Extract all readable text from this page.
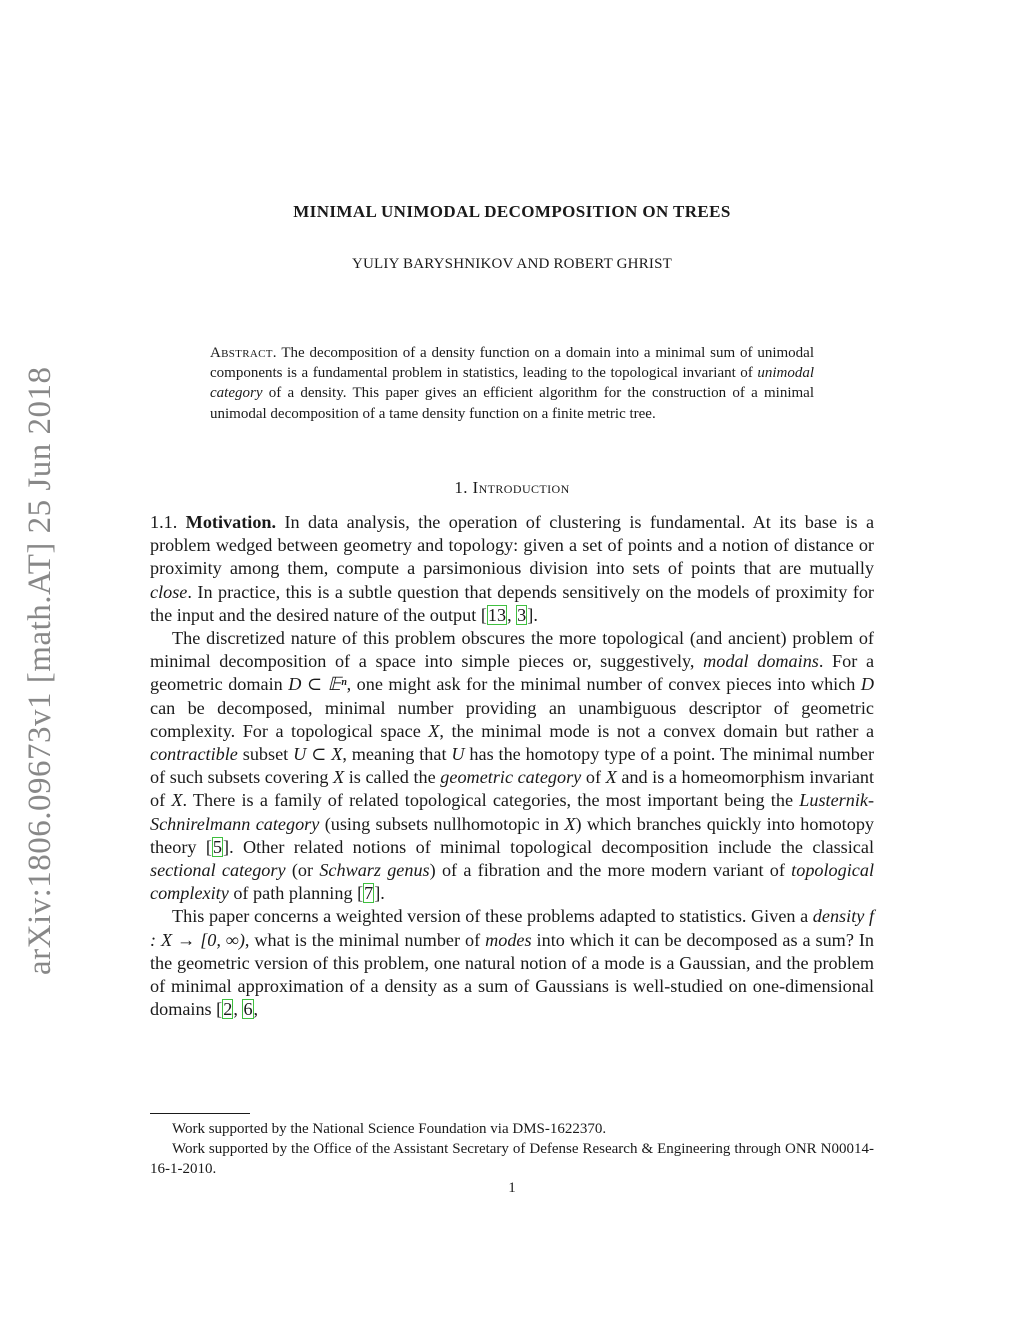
arXiv:1806.09673v1 [math.AT] 25 Jun 2018
MINIMAL UNIMODAL DECOMPOSITION ON TREES
YULIY BARYSHNIKOV AND ROBERT GHRIST
Abstract. The decomposition of a density function on a domain into a minimal sum of unimodal components is a fundamental problem in statistics, leading to the topological invariant of unimodal category of a density. This paper gives an efficient algorithm for the construction of a minimal unimodal decomposition of a tame density function on a finite metric tree.
1. Introduction

1.1. Motivation. In data analysis, the operation of clustering is fundamental. At its base is a problem wedged between geometry and topology: given a set of points and a notion of distance or proximity among them, compute a parsimonious division into sets of points that are mutually close. In practice, this is a subtle question that depends sensitively on the models of proximity for the input and the desired nature of the output [13, 3].

The discretized nature of this problem obscures the more topological (and ancient) problem of minimal decomposition of a space into simple pieces or, suggestively, modal domains. For a geometric domain D ⊂ 𝔼ⁿ, one might ask for the minimal number of convex pieces into which D can be decomposed, minimal number providing an unambiguous descriptor of geometric complexity. For a topological space X, the minimal mode is not a convex domain but rather a contractible subset U ⊂ X, meaning that U has the homotopy type of a point. The minimal number of such subsets covering X is called the geometric category of X and is a homeomorphism invariant of X. There is a family of related topological categories, the most important being the Lusternik-Schnirelmann category (using subsets nullhomotopic in X) which branches quickly into homotopy theory [5]. Other related notions of minimal topological decomposition include the classical sectional category (or Schwarz genus) of a fibration and the more modern variant of topological complexity of path planning [7].

This paper concerns a weighted version of these problems adapted to statistics. Given a density f : X → [0, ∞), what is the minimal number of modes into which it can be decomposed as a sum? In the geometric version of this problem, one natural notion of a mode is a Gaussian, and the problem of minimal approximation of a density as a sum of Gaussians is well-studied on one-dimensional domains [2, 6,

Work supported by the National Science Foundation via DMS-1622370.

Work supported by the Office of the Assistant Secretary of Defense Research & Engineering through ONR N00014-16-1-2010.

1
